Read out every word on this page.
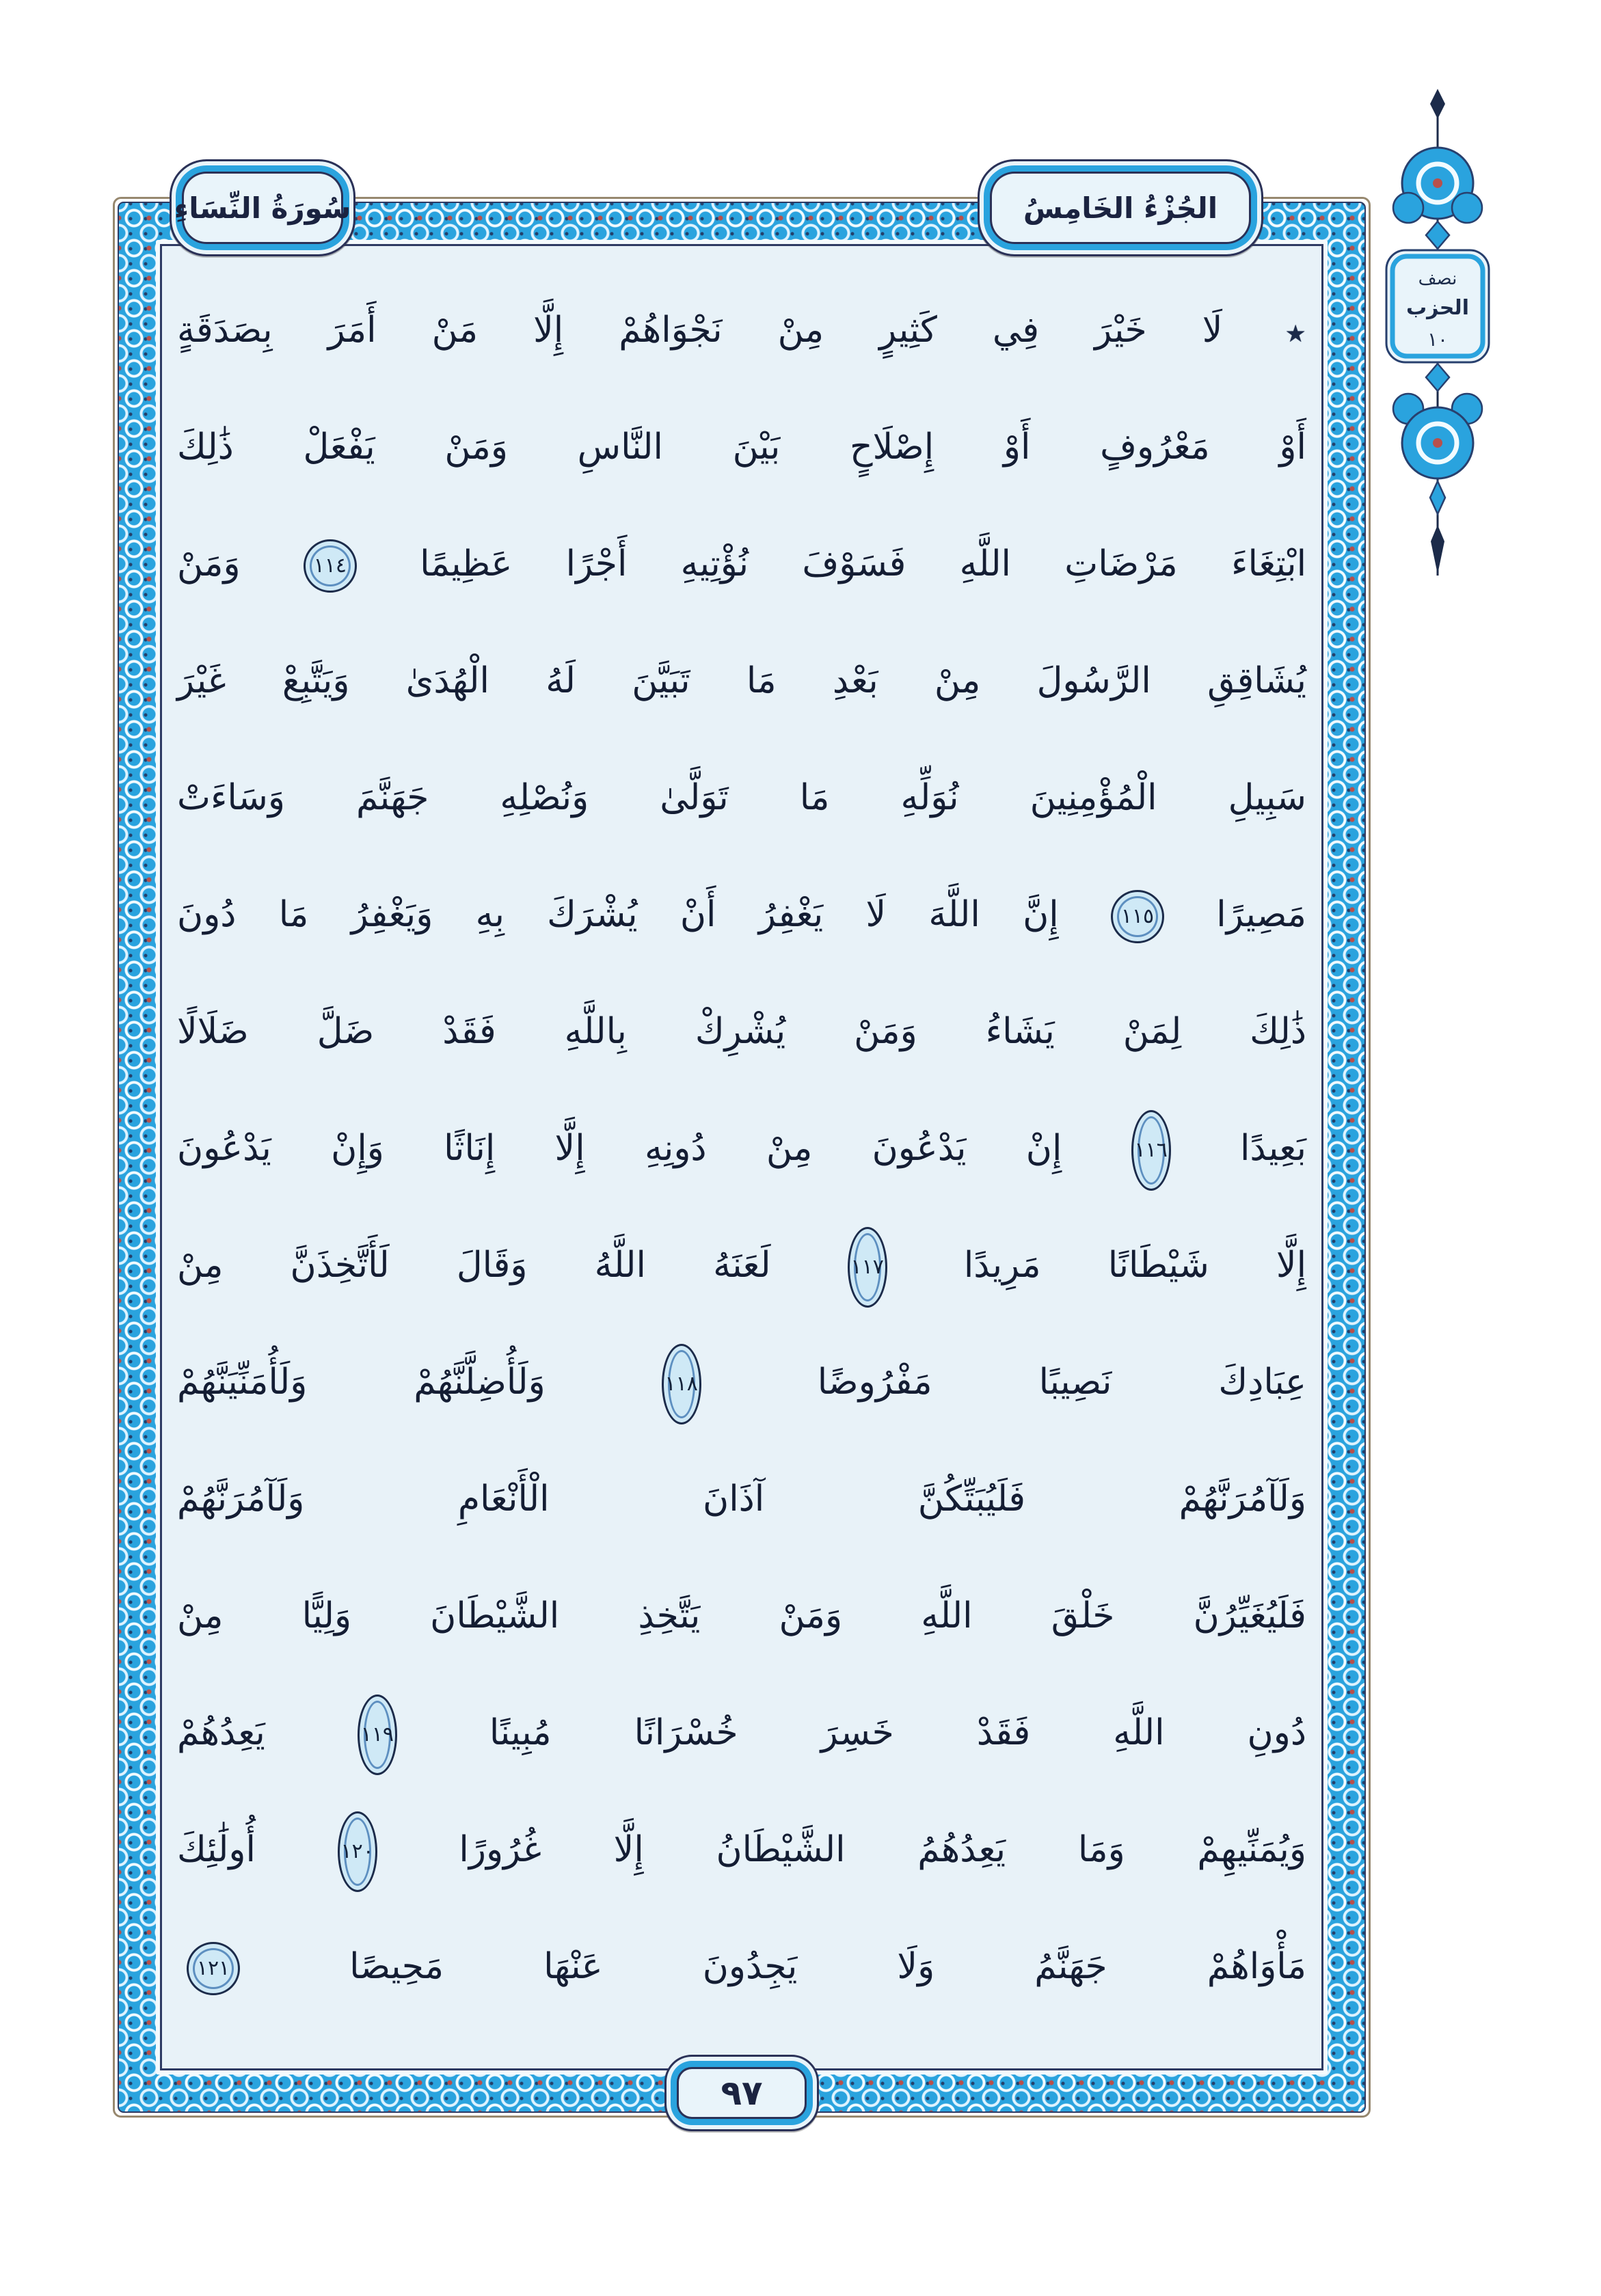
٭ لَا خَيْرَ فِي كَثِيرٍ مِنْ نَجْوَاهُمْ إِلَّا مَنْ أَمَرَ بِصَدَقَةٍ
أَوْ مَعْرُوفٍ أَوْ إِصْلَاحٍ بَيْنَ النَّاسِ وَمَنْ يَفْعَلْ ذَٰلِكَ
ابْتِغَاءَ مَرْضَاتِ اللَّهِ فَسَوْفَ نُؤْتِيهِ أَجْرًا عَظِيمًا ١١٤ وَمَنْ
يُشَاقِقِ الرَّسُولَ مِنْ بَعْدِ مَا تَبَيَّنَ لَهُ الْهُدَىٰ وَيَتَّبِعْ غَيْرَ
سَبِيلِ الْمُؤْمِنِينَ نُوَلِّهِ مَا تَوَلَّىٰ وَنُصْلِهِ جَهَنَّمَ وَسَاءَتْ
مَصِيرًا ١١٥ إِنَّ اللَّهَ لَا يَغْفِرُ أَنْ يُشْرَكَ بِهِ وَيَغْفِرُ مَا دُونَ
ذَٰلِكَ لِمَنْ يَشَاءُ وَمَنْ يُشْرِكْ بِاللَّهِ فَقَدْ ضَلَّ ضَلَالًا
بَعِيدًا ١١٦ إِنْ يَدْعُونَ مِنْ دُونِهِ إِلَّا إِنَاثًا وَإِنْ يَدْعُونَ
إِلَّا شَيْطَانًا مَرِيدًا ١١٧ لَعَنَهُ اللَّهُ وَقَالَ لَأَتَّخِذَنَّ مِنْ
عِبَادِكَ نَصِيبًا مَفْرُوضًا ١١٨ وَلَأُضِلَّنَّهُمْ وَلَأُمَنِّيَنَّهُمْ
وَلَآمُرَنَّهُمْ فَلَيُبَتِّكُنَّ آذَانَ الْأَنْعَامِ وَلَآمُرَنَّهُمْ
فَلَيُغَيِّرُنَّ خَلْقَ اللَّهِ وَمَنْ يَتَّخِذِ الشَّيْطَانَ وَلِيًّا مِنْ
دُونِ اللَّهِ فَقَدْ خَسِرَ خُسْرَانًا مُبِينًا ١١٩ يَعِدُهُمْ
وَيُمَنِّيهِمْ وَمَا يَعِدُهُمُ الشَّيْطَانُ إِلَّا غُرُورًا ١٢٠ أُولَٰئِكَ
مَأْوَاهُمْ جَهَنَّمُ وَلَا يَجِدُونَ عَنْهَا مَحِيصًا ١٢١
سُورَةُ النِّسَاءِ	الجُزْءُ الخَامِسُ
٩٧
نصف
الحزب
١٠
